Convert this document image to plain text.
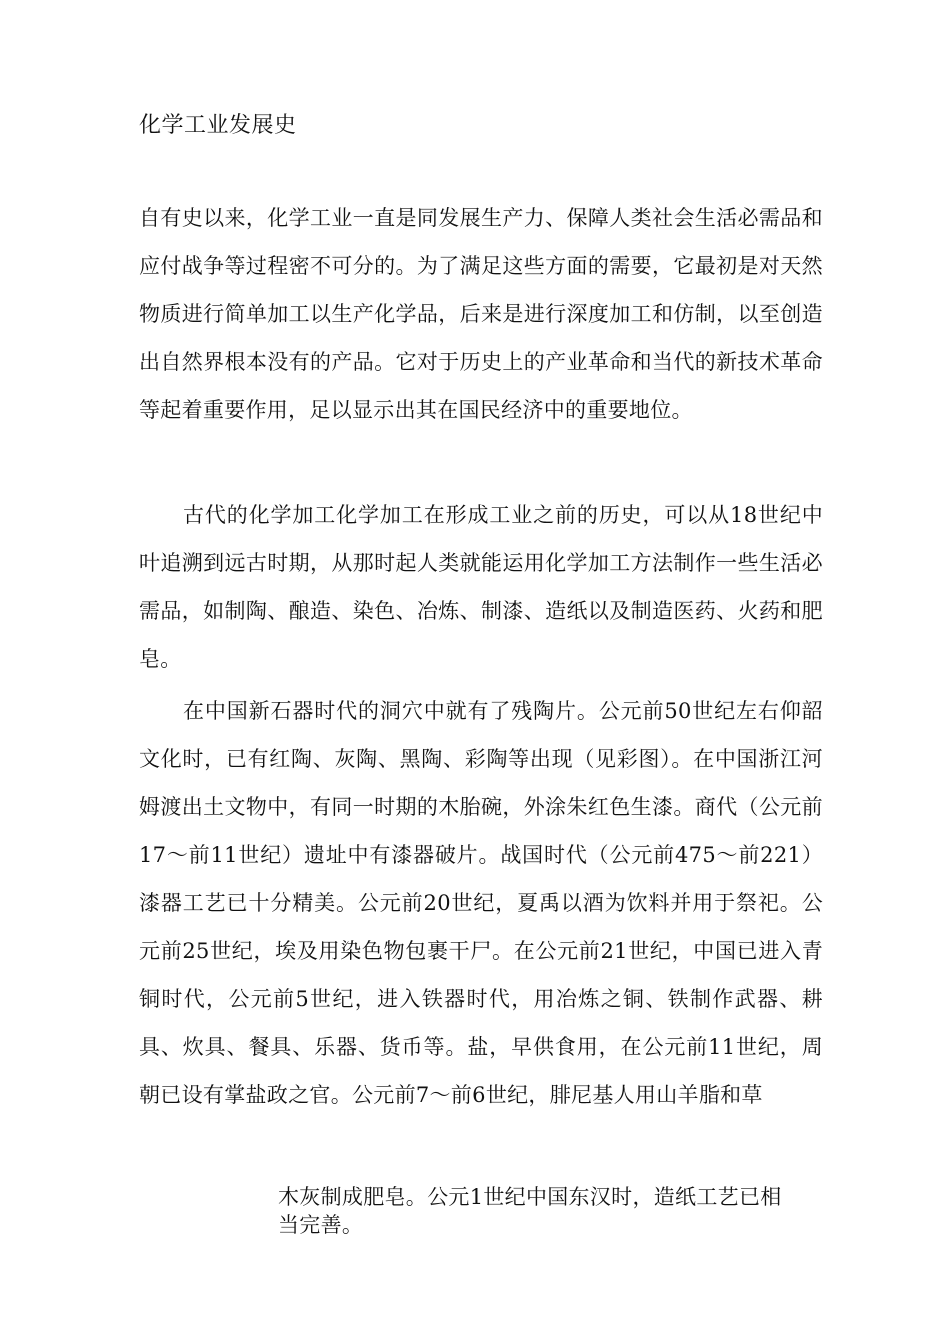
化学工业发展史

自有史以来，化学工业一直是同发展生产力、保障人类社会生活必需品和应付战争等过程密不可分的。为了满足这些方面的需要，它最初是对天然物质进行简单加工以生产化学品，后来是进行深度加工和仿制，以至创造出自然界根本没有的产品。它对于历史上的产业革命和当代的新技术革命等起着重要作用，足以显示出其在国民经济中的重要地位。

古代的化学加工化学加工在形成工业之前的历史，可以从18世纪中叶追溯到远古时期，从那时起人类就能运用化学加工方法制作一些生活必需品，如制陶、酿造、染色、冶炼、制漆、造纸以及制造医药、火药和肥皂。

在中国新石器时代的洞穴中就有了残陶片。公元前50世纪左右仰韶文化时，已有红陶、灰陶、黑陶、彩陶等出现（见彩图）。在中国浙江河姆渡出土文物中，有同一时期的木胎碗，外涂朱红色生漆。商代（公元前17〜前11世纪）遗址中有漆器破片。战国时代（公元前475〜前221）漆器工艺已十分精美。公元前20世纪，夏禹以酒为饮料并用于祭祀。公元前25世纪，埃及用染色物包裹干尸。在公元前21世纪，中国已进入青铜时代，公元前5世纪，进入铁器时代，用冶炼之铜、铁制作武器、耕具、炊具、餐具、乐器、货币等。盐，早供食用，在公元前11世纪，周朝已设有掌盐政之官。公元前7〜前6世纪，腓尼基人用山羊脂和草

木灰制成肥皂。公元1世纪中国东汉时，造纸工艺已相当完善。
